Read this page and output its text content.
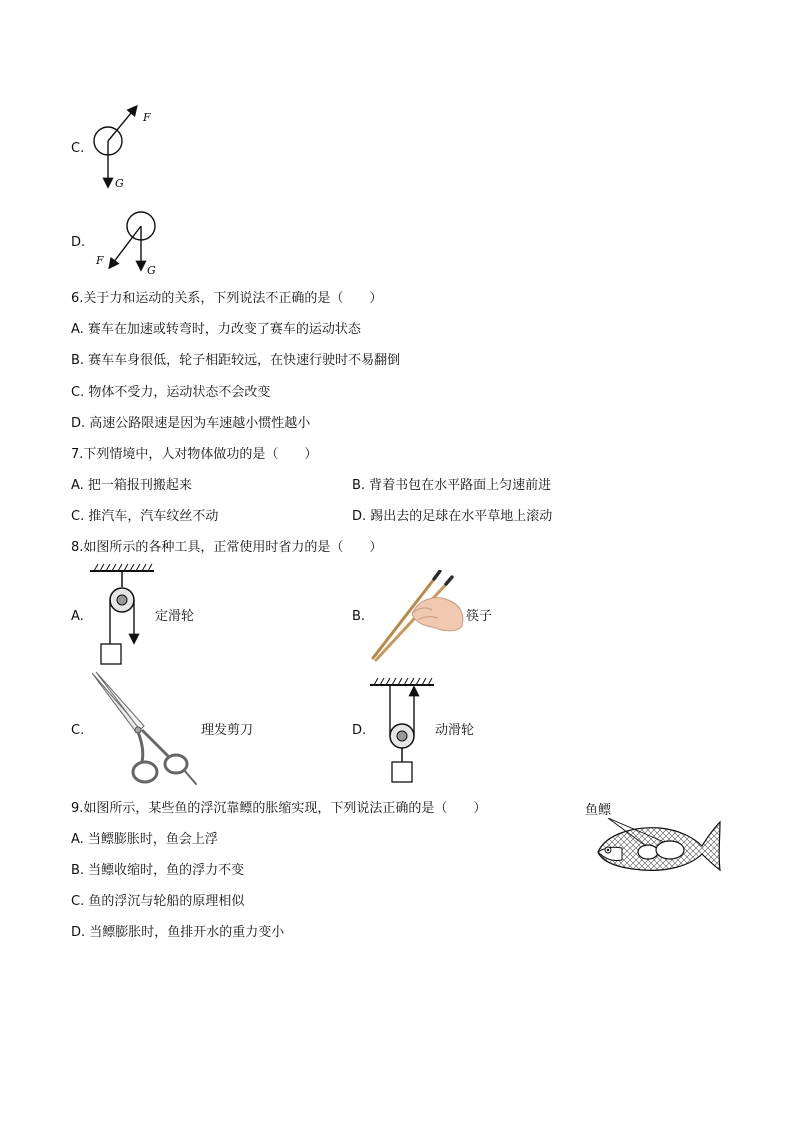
C.
F
G
D.
F
G
6.关于力和运动的关系，下列说法不正确的是（　　）
A. 赛车在加速或转弯时，力改变了赛车的运动状态
B. 赛车车身很低，轮子相距较远，在快速行驶时不易翻倒
C. 物体不受力，运动状态不会改变
D. 高速公路限速是因为车速越小惯性越小
7.下列情境中，人对物体做功的是（　　）
A. 把一箱报刊搬起来	B. 背着书包在水平路面上匀速前进
C. 推汽车，汽车纹丝不动	D. 踢出去的足球在水平草地上滚动
8.如图所示的各种工具，正常使用时省力的是（　　）
A.	定滑轮	B.	筷子
C.	理发剪刀	D.	动滑轮
9.如图所示，某些鱼的浮沉靠鳔的胀缩实现，下列说法正确的是（　　）	鱼鳔
A. 当鳔膨胀时，鱼会上浮
B. 当鳔收缩时，鱼的浮力不变
C. 鱼的浮沉与轮船的原理相似
D. 当鳔膨胀时，鱼排开水的重力变小
